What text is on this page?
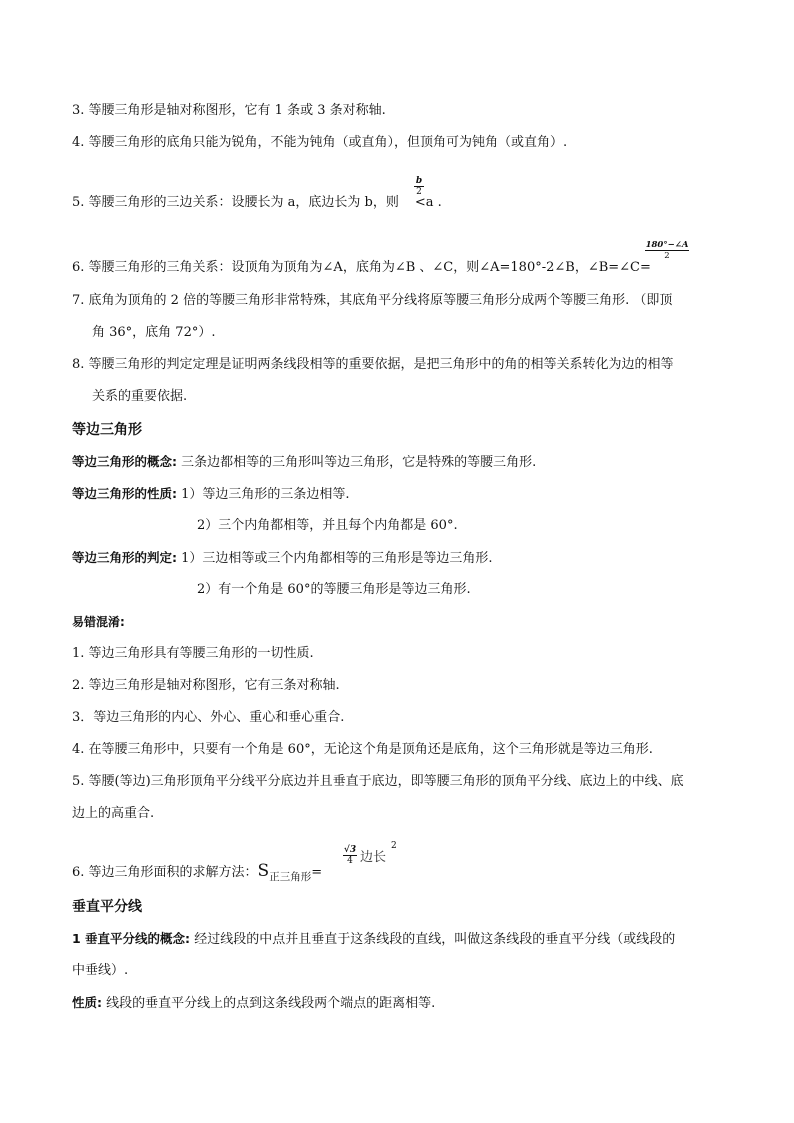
3. 等腰三角形是轴对称图形，它有 1 条或 3 条对称轴.
4. 等腰三角形的底角只能为锐角，不能为钝角（或直角），但顶角可为钝角（或直角）.
5. 等腰三角形的三边关系：设腰长为 a，底边长为 b，则 <a .
$\frac{b}{2}$
6. 等腰三角形的三角关系：设顶角为顶角为∠A，底角为∠B 、∠C，则∠A=180°-2∠B，∠B=∠C=
$\frac{180^\circ-\angle A}{2}$
7. 底角为顶角的 2 倍的等腰三角形非常特殊，其底角平分线将原等腰三角形分成两个等腰三角形. （即顶
角 36°，底角 72°）.
8. 等腰三角形的判定定理是证明两条线段相等的重要依据，是把三角形中的角的相等关系转化为边的相等
关系的重要依据.
等边三角形
等边三角形的概念: 三条边都相等的三角形叫等边三角形，它是特殊的等腰三角形.
等边三角形的性质: 1）等边三角形的三条边相等.
2）三个内角都相等，并且每个内角都是 60°.
等边三角形的判定: 1）三边相等或三个内角都相等的三角形是等边三角形.
2）有一个角是 60°的等腰三角形是等边三角形.
易错混淆:
1. 等边三角形具有等腰三角形的一切性质.
2. 等边三角形是轴对称图形，它有三条对称轴.
3．等边三角形的内心、外心、重心和垂心重合.
4. 在等腰三角形中，只要有一个角是 60°，无论这个角是顶角还是底角，这个三角形就是等边三角形.
5. 等腰(等边)三角形顶角平分线平分底边并且垂直于底边，即等腰三角形的顶角平分线、底边上的中线、底
边上的高重合.
6. 等边三角形面积的求解方法：$S_{正三角形}=$
$\frac{√3}{4}$ 边长
2
垂直平分线
1 垂直平分线的概念: 经过线段的中点并且垂直于这条线段的直线，叫做这条线段的垂直平分线（或线段的
中垂线）.
性质: 线段的垂直平分线上的点到这条线段两个端点的距离相等.
